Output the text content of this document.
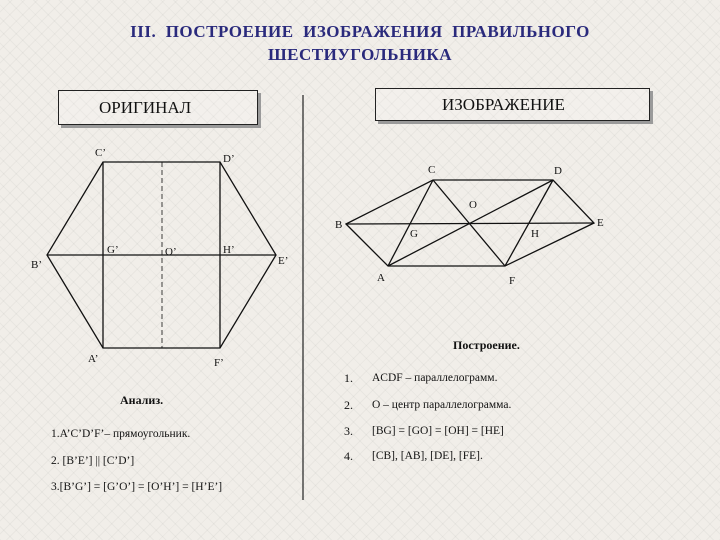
III.  ПОСТРОЕНИЕ  ИЗОБРАЖЕНИЯ  ПРАВИЛЬНОГО
ШЕСТИУГОЛЬНИКА
ОРИГИНАЛ	ИЗОБРАЖЕНИЕ
C’	D’
B’
G’	O’	H’
E’
A’	F’
C	D
O
B
G	H
E
A	F
Анализ.
1.A’C’D’F’– прямоугольник.
2. [B’E’] || [C’D’]
3.[B’G’] = [G’O’] = [O’H’] = [H’E’]
Построение.
1. ACDF – параллелограмм.
2. O – центр параллелограмма.
3. [BG] = [GO] = [OH] = [HE]
4. [CB], [AB], [DE], [FE].
